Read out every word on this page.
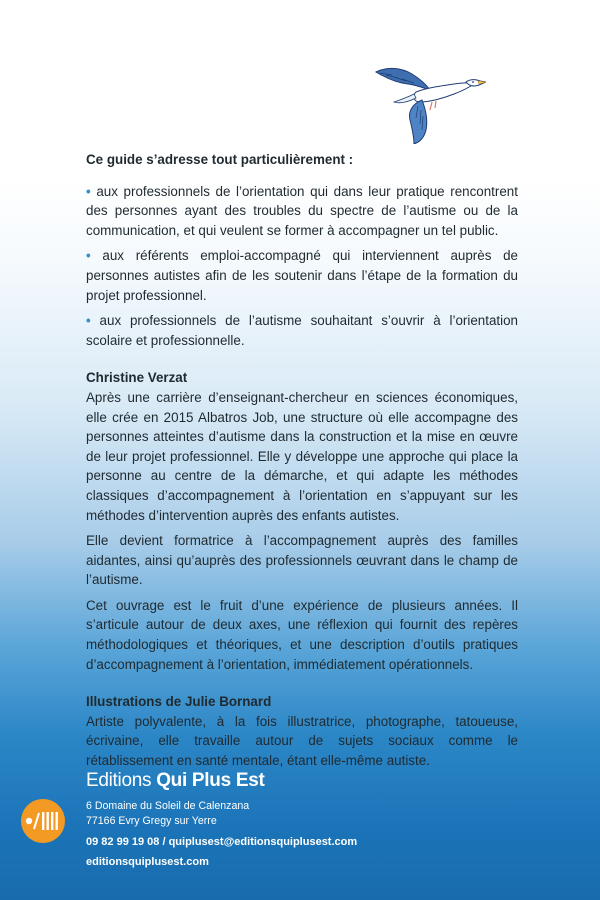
Ce guide s’adresse tout particulièrement :

• aux professionnels de l’orientation qui dans leur pratique rencontrent des personnes ayant des troubles du spectre de l’autisme ou de la communication, et qui veulent se former à accompagner un tel public.

• aux référents emploi-accompagné qui interviennent auprès de personnes autistes afin de les soutenir dans l’étape de la formation du projet professionnel.

• aux professionnels de l’autisme souhaitant s’ouvrir à l’orientation scolaire et professionnelle.

Christine Verzat

Après une carrière d’enseignant-chercheur en sciences économiques, elle crée en 2015 Albatros Job, une structure où elle accompagne des personnes atteintes d’autisme dans la construction et la mise en œuvre de leur projet professionnel. Elle y développe une approche qui place la personne au centre de la démarche, et qui adapte les méthodes classiques d’accompagnement à l’orientation en s’appuyant sur les méthodes d’intervention auprès des enfants autistes.

Elle devient formatrice à l’accompagnement auprès des familles aidantes, ainsi qu’auprès des professionnels œuvrant dans le champ de l’autisme.

Cet ouvrage est le fruit d’une expérience de plusieurs années. Il s’articule autour de deux axes, une réflexion qui fournit des repères méthodologiques et théoriques, et une description d’outils pratiques d’accompagnement à l’orientation, immédiatement opérationnels.

Illustrations de Julie Bornard

Artiste polyvalente, à la fois illustratrice, photographe, tatoueuse, écrivaine, elle travaille autour de sujets sociaux comme le rétablissement en santé mentale, étant elle-même autiste.

Editions Qui Plus Est
6 Domaine du Soleil de Calenzana
77166 Evry Gregy sur Yerre
09 82 99 19 08 / quiplusest@editionsquiplusest.com
editionsquiplusest.com
